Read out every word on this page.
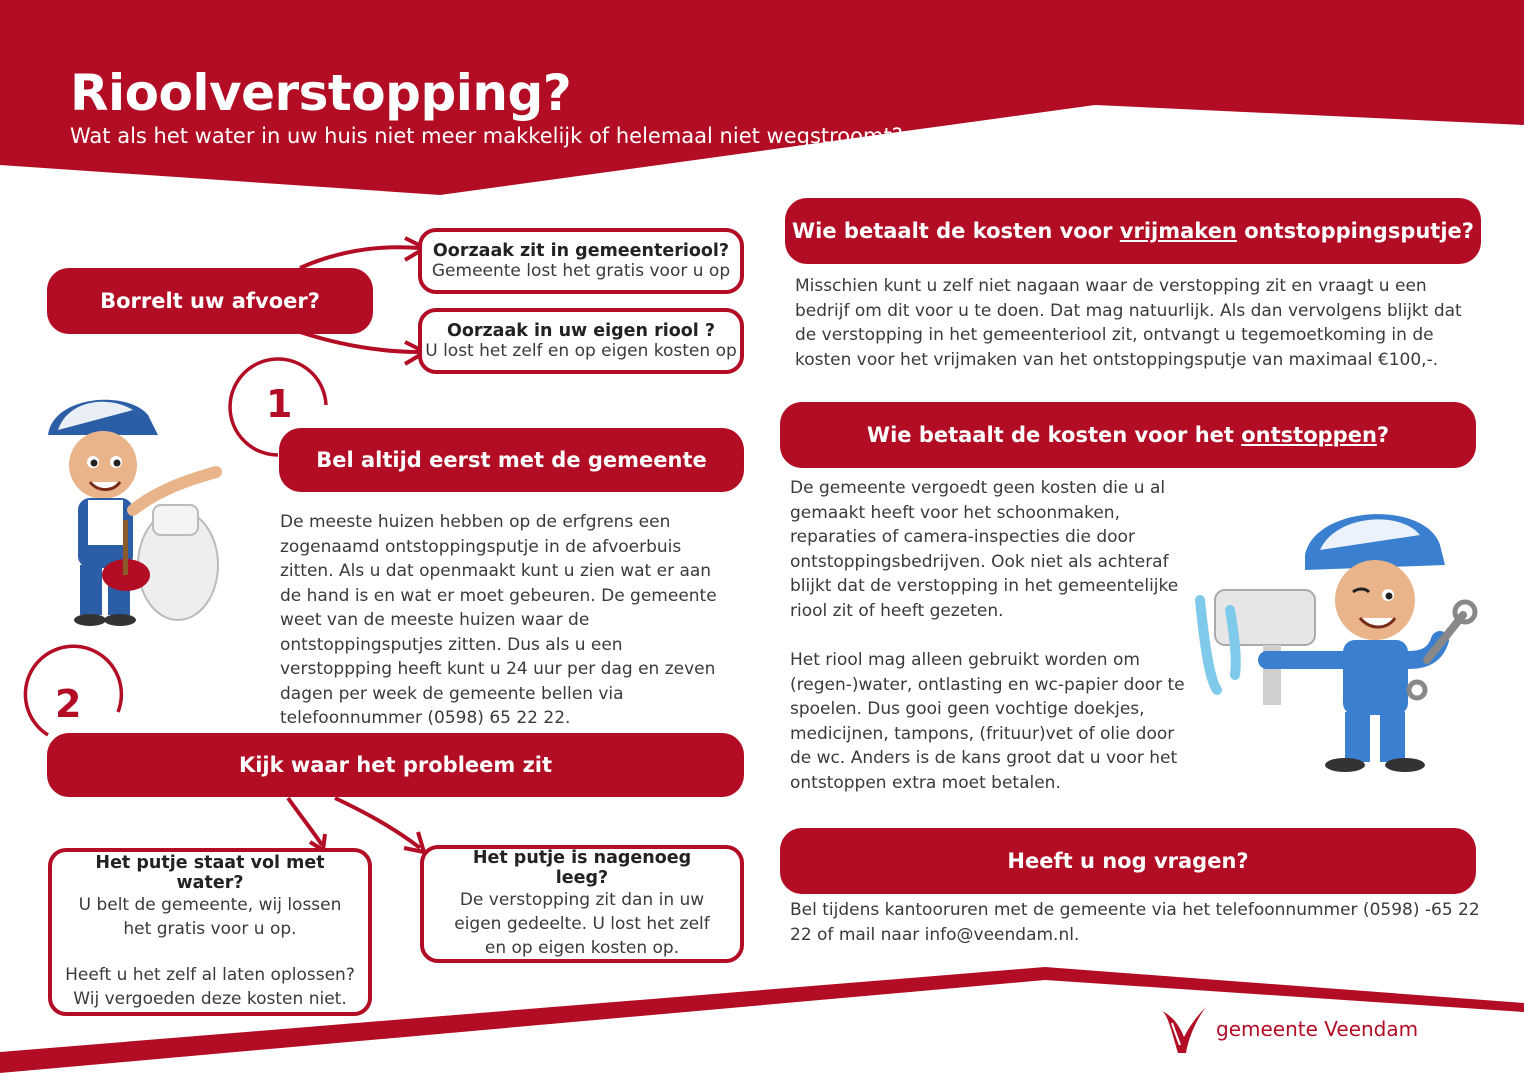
Rioolverstopping?
Wat als het water in uw huis niet meer makkelijk of helemaal niet wegstroomt?
Borrelt uw afvoer?
Oorzaak zit in gemeenteriool?
Gemeente lost het gratis voor u op
Oorzaak in uw eigen riool ?
U lost het zelf en op eigen kosten op
1
Bel altijd eerst met de gemeente
De meeste huizen hebben op de erfgrens een zogenaamd ontstoppingsputje in de afvoerbuis zitten. Als u dat openmaakt kunt u zien wat er aan de hand is en wat er moet gebeuren. De gemeente weet van de meeste huizen waar de ontstoppingsputjes zitten. Dus als u een verstoppping heeft kunt u 24 uur per dag en zeven dagen per week de gemeente bellen via telefoonnummer (0598) 65 22 22.
2
Kijk waar het probleem zit
Het putje staat vol met water?
U belt de gemeente, wij lossen het gratis voor u op.
Heeft u het zelf al laten oplossen? Wij vergoeden deze kosten niet.
Het putje is nagenoeg leeg?
De verstopping zit dan in uw eigen gedeelte. U lost het zelf en op eigen kosten op.
Wie betaalt de kosten voor vrijmaken ontstoppingsputje?
Misschien kunt u zelf niet nagaan waar de verstopping zit en vraagt u een bedrijf om dit voor u te doen. Dat mag natuurlijk. Als dan vervolgens blijkt dat de verstopping in het gemeenteriool zit, ontvangt u tegemoetkoming in de kosten voor het vrijmaken van het ontstoppingsputje van maximaal €100,-.
Wie betaalt de kosten voor het ontstoppen ?
De gemeente vergoedt geen kosten die u al gemaakt heeft voor het schoonmaken, reparaties of camera-inspecties die door ontstoppingsbedrijven. Ook niet als achteraf blijkt dat de verstopping in het gemeentelijke riool zit of heeft gezeten.
Het riool mag alleen gebruikt worden om (regen-)water, ontlasting en wc-papier door te spoelen. Dus gooi geen vochtige doekjes, medicijnen, tampons, (frituur)vet of olie door de wc. Anders is de kans groot dat u voor het ontstoppen extra moet betalen.
Heeft u nog vragen?
Bel tijdens kantooruren met de gemeente via het telefoonnummer (0598) -65 22 22 of mail naar info@veendam.nl.
gemeente Veendam
